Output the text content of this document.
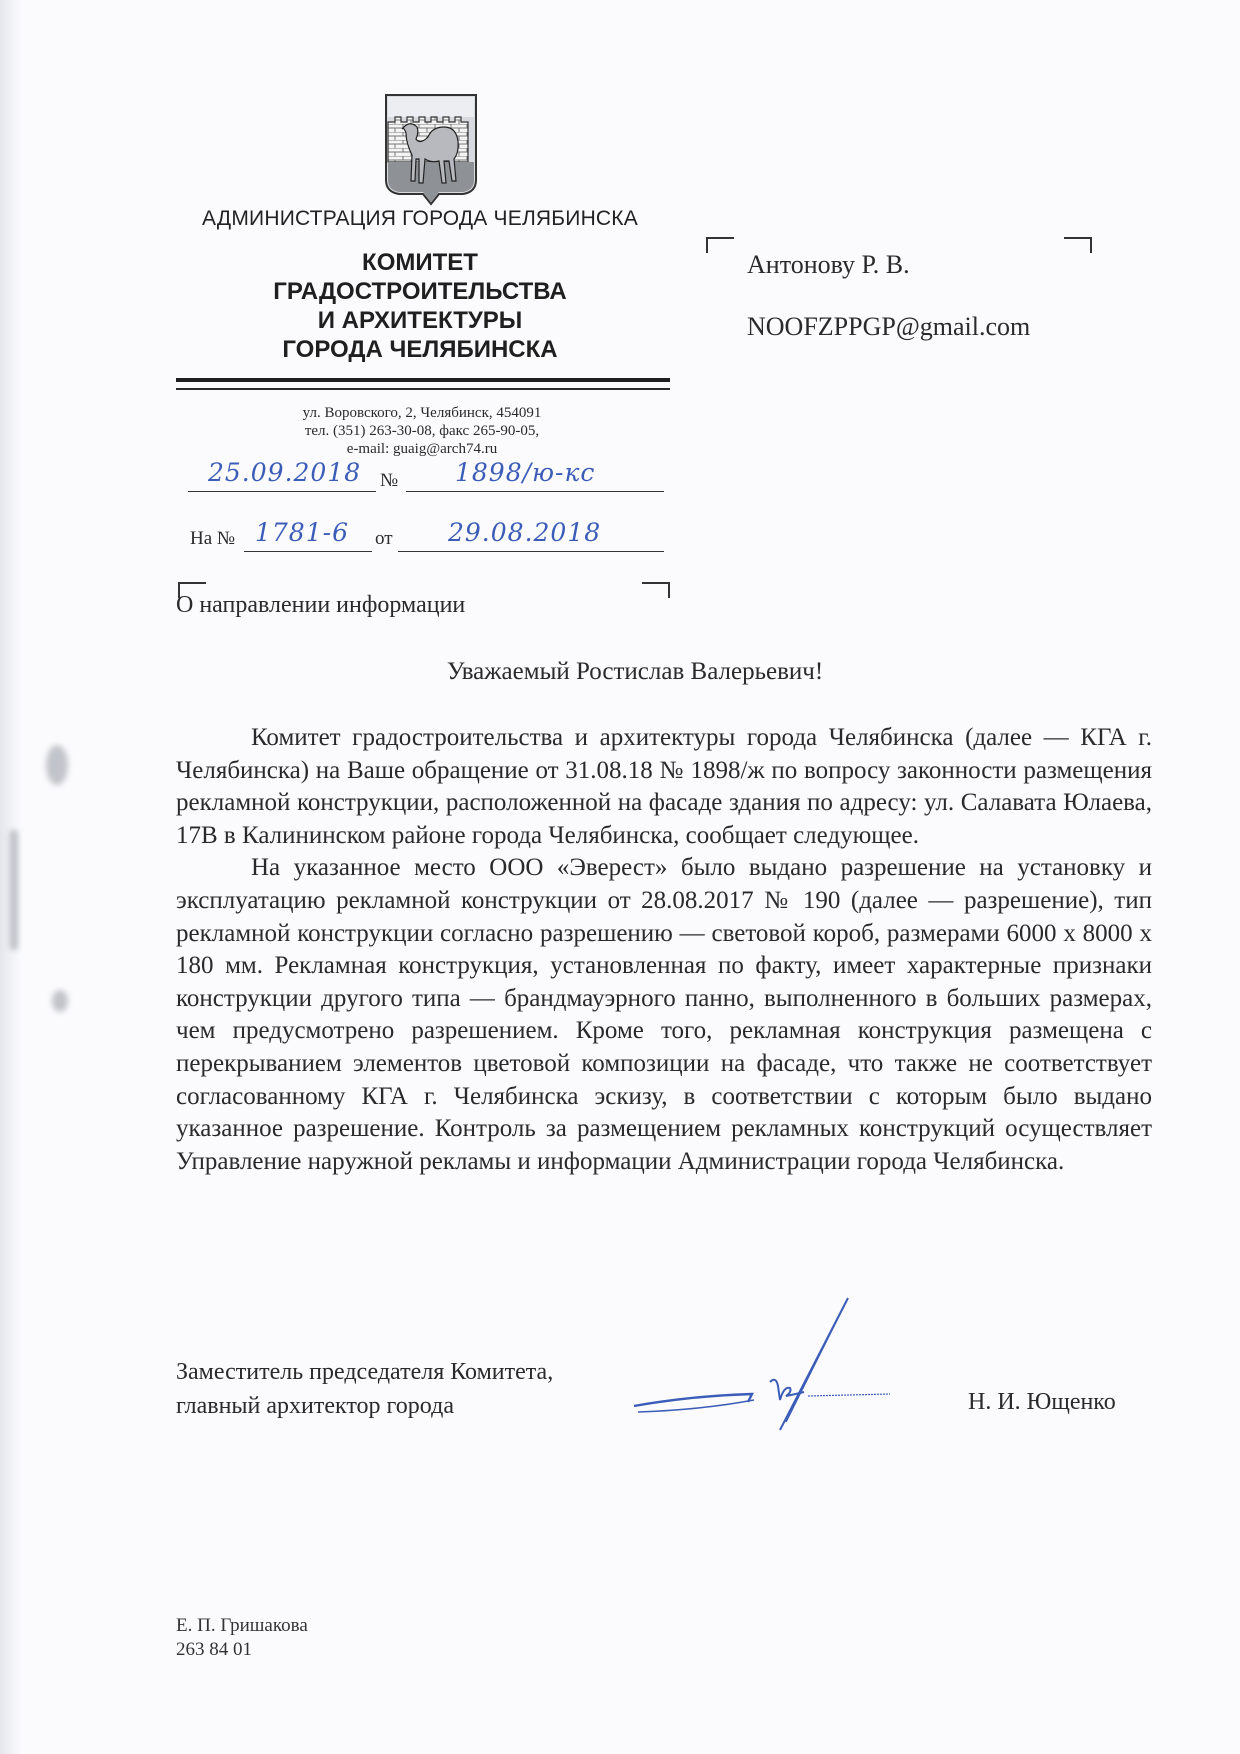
АДМИНИСТРАЦИЯ ГОРОДА ЧЕЛЯБИНСКА
КОМИТЕТ
ГРАДОСТРОИТЕЛЬСТВА
И АРХИТЕКТУРЫ
ГОРОДА ЧЕЛЯБИНСКА
ул. Воровского, 2, Челябинск, 454091
тел. (351) 263-30-08, факс 265-90-05,
e-mail: guaig@arch74.ru
25.09.2018 № 1898/ю-кс
На № 1781-6 от 29.08.2018
Антонову Р. В.
NOOFZPPGP@gmail.com
О направлении информации
Уважаемый Ростислав Валерьевич!

Комитет градостроительства и архитектуры города Челябинска (далее — КГА г. Челябинска) на Ваше обращение от 31.08.18 № 1898/ж по вопросу законности размещения рекламной конструкции, расположенной на фасаде здания по адресу: ул. Салавата Юлаева, 17В в Калининском районе города Челябинска, сообщает следующее.

На указанное место ООО «Эверест» было выдано разрешение на установку и эксплуатацию рекламной конструкции от 28.08.2017 № 190 (далее — разрешение), тип рекламной конструкции согласно разрешению — световой короб, размерами 6000 х 8000 х 180 мм. Рекламная конструкция, установленная по факту, имеет характерные признаки конструкции другого типа — брандмауэрного панно, выполненного в больших размерах, чем предусмотрено разрешением. Кроме того, рекламная конструкция размещена с перекрыванием элементов цветовой композиции на фасаде, что также не соответствует согласованному КГА г. Челябинска эскизу, в соответствии с которым было выдано указанное разрешение. Контроль за размещением рекламных конструкций осуществляет Управление наружной рекламы и информации Администрации города Челябинска.

Заместитель председателя Комитета,
главный архитектор города	Н. И. Ющенко
Е. П. Гришакова
263 84 01
